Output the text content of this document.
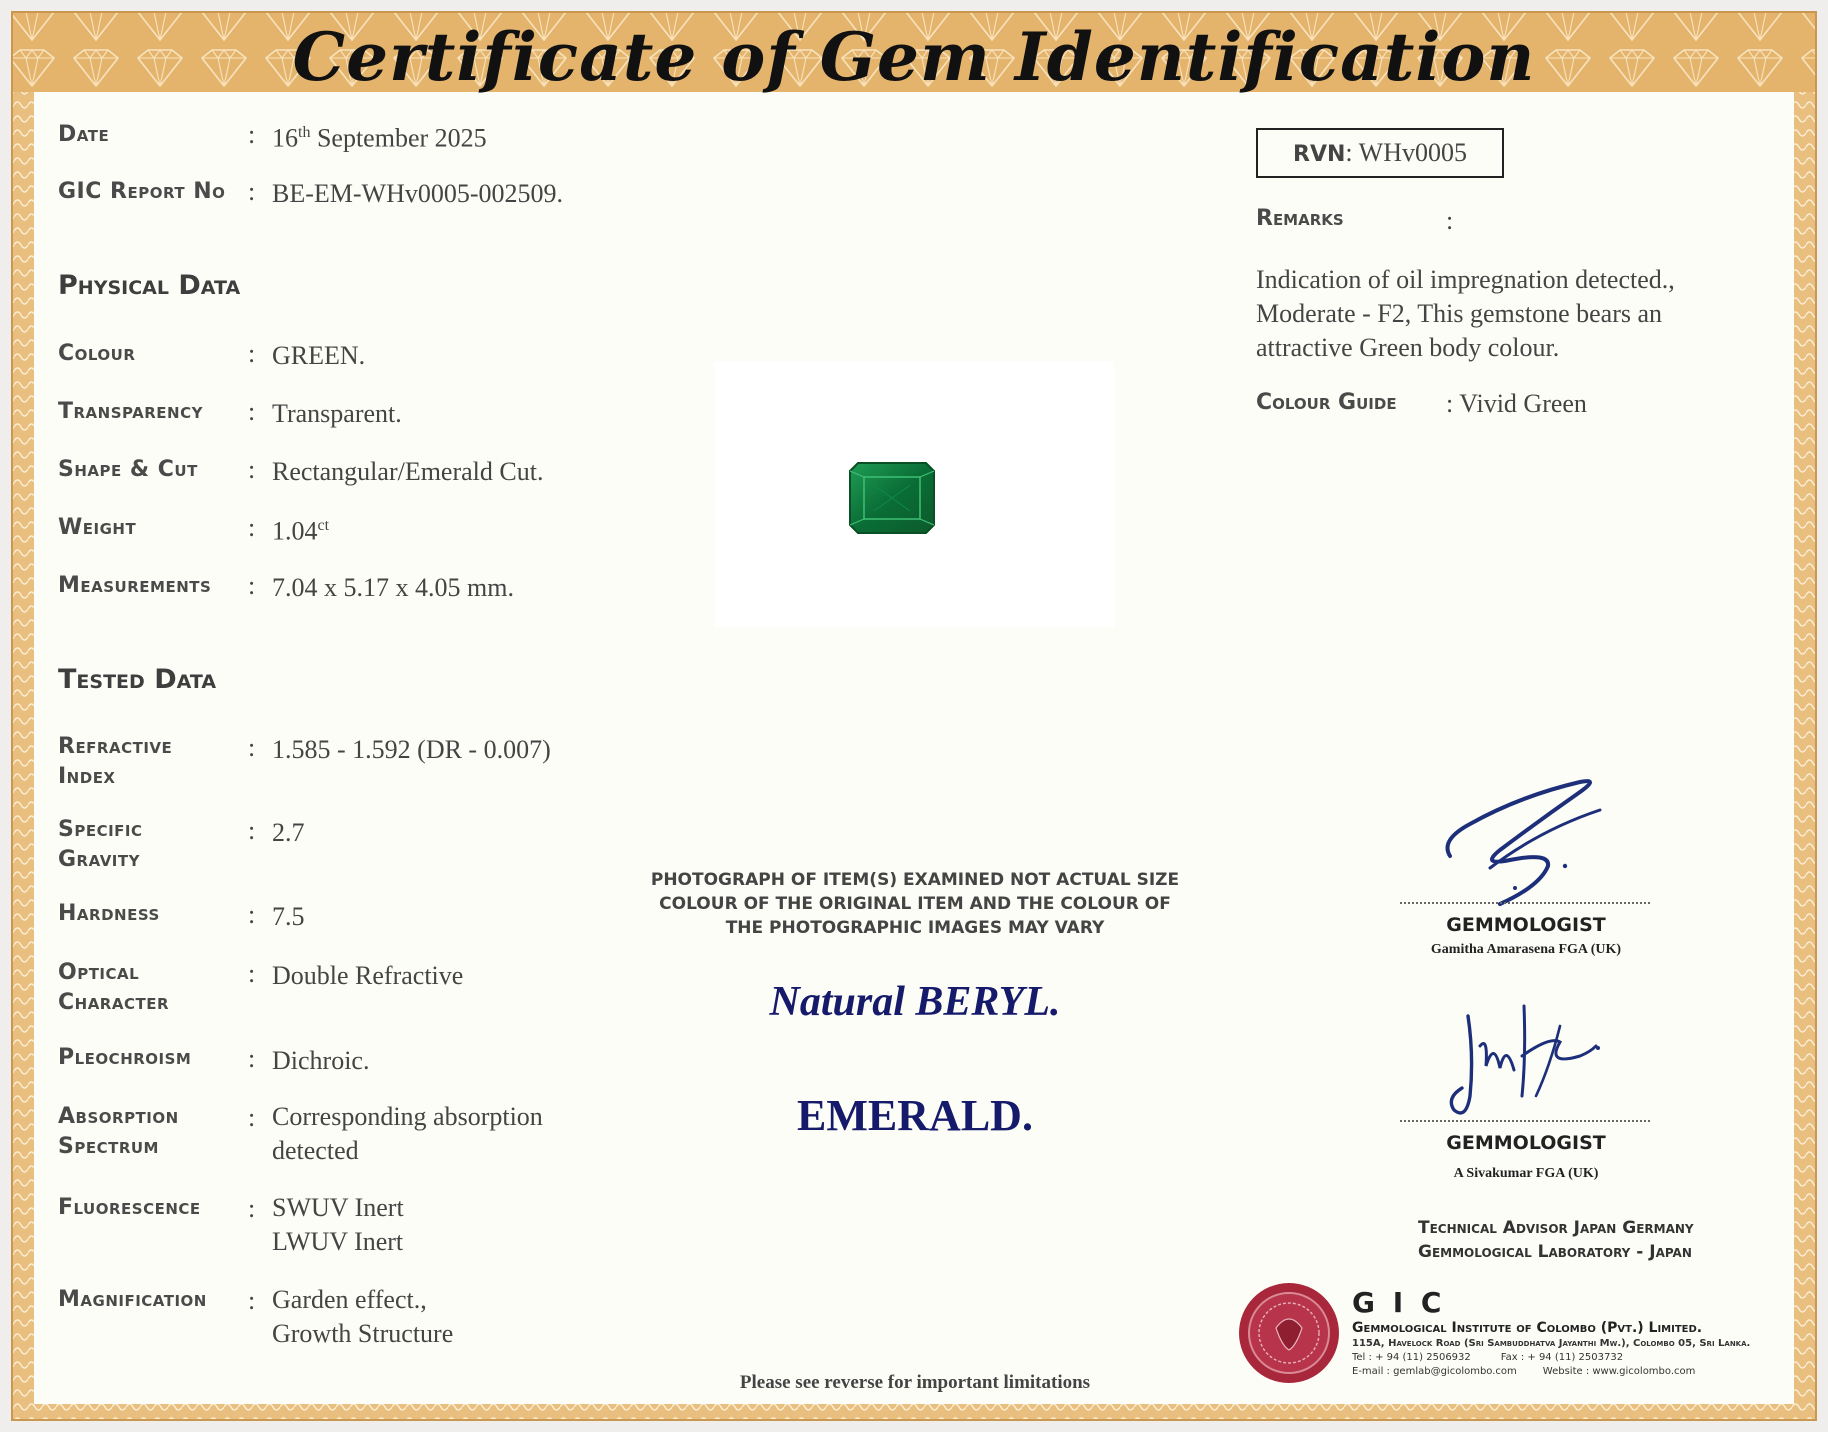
Certificate of Gem Identification
Date	: 16th September 2025
GIC Report No : BE-EM-WHv0005-002509.
Physical Data
Colour	: GREEN.
Transparency : Transparent.
Shape & Cut : Rectangular/Emerald Cut.
Weight	: $1.04^{ct}$
Measurements : 7.04 x 5.17 x 4.05 mm.
Tested Data
Refractive
Index
: 1.585 - 1.592 (DR - 0.007)
Specific
Gravity
: 2.7
Hardness	: 7.5
Optical
Character
: Double Refractive
Pleochroism : Dichroic.
Absorption
Spectrum
: Corresponding absorption
detected
Fluorescence : SWUV Inert
LWUV Inert
Magnification : Garden effect.,
Growth Structure
PHOTOGRAPH OF ITEM(S) EXAMINED NOT ACTUAL SIZE
COLOUR OF THE ORIGINAL ITEM AND THE COLOUR OF
THE PHOTOGRAPHIC IMAGES MAY VARY
Natural BERYL.
EMERALD.
Please see reverse for important limitations
RVN: WHv0005
Remarks	:
Indication of oil impregnation detected.,
Moderate - F2, This gemstone bears an
attractive Green body colour.
Colour Guide : Vivid Green
GEMMOLOGIST
Gamitha Amarasena FGA (UK)
GEMMOLOGIST
A Sivakumar FGA (UK)
Technical Advisor Japan Germany
Gemmological Laboratory - Japan
G I C
Gemmological Institute of Colombo (Pvt.) Limited.
115A, Havelock Road (Sri Sambuddhatva Jayanthi Mw.), Colombo 05, Sri Lanka.
Tel : + 94 (11) 2506932	Fax : + 94 (11) 2503732
E-mail : gemlab@gicolombo.com	Website : www.gicolombo.com
